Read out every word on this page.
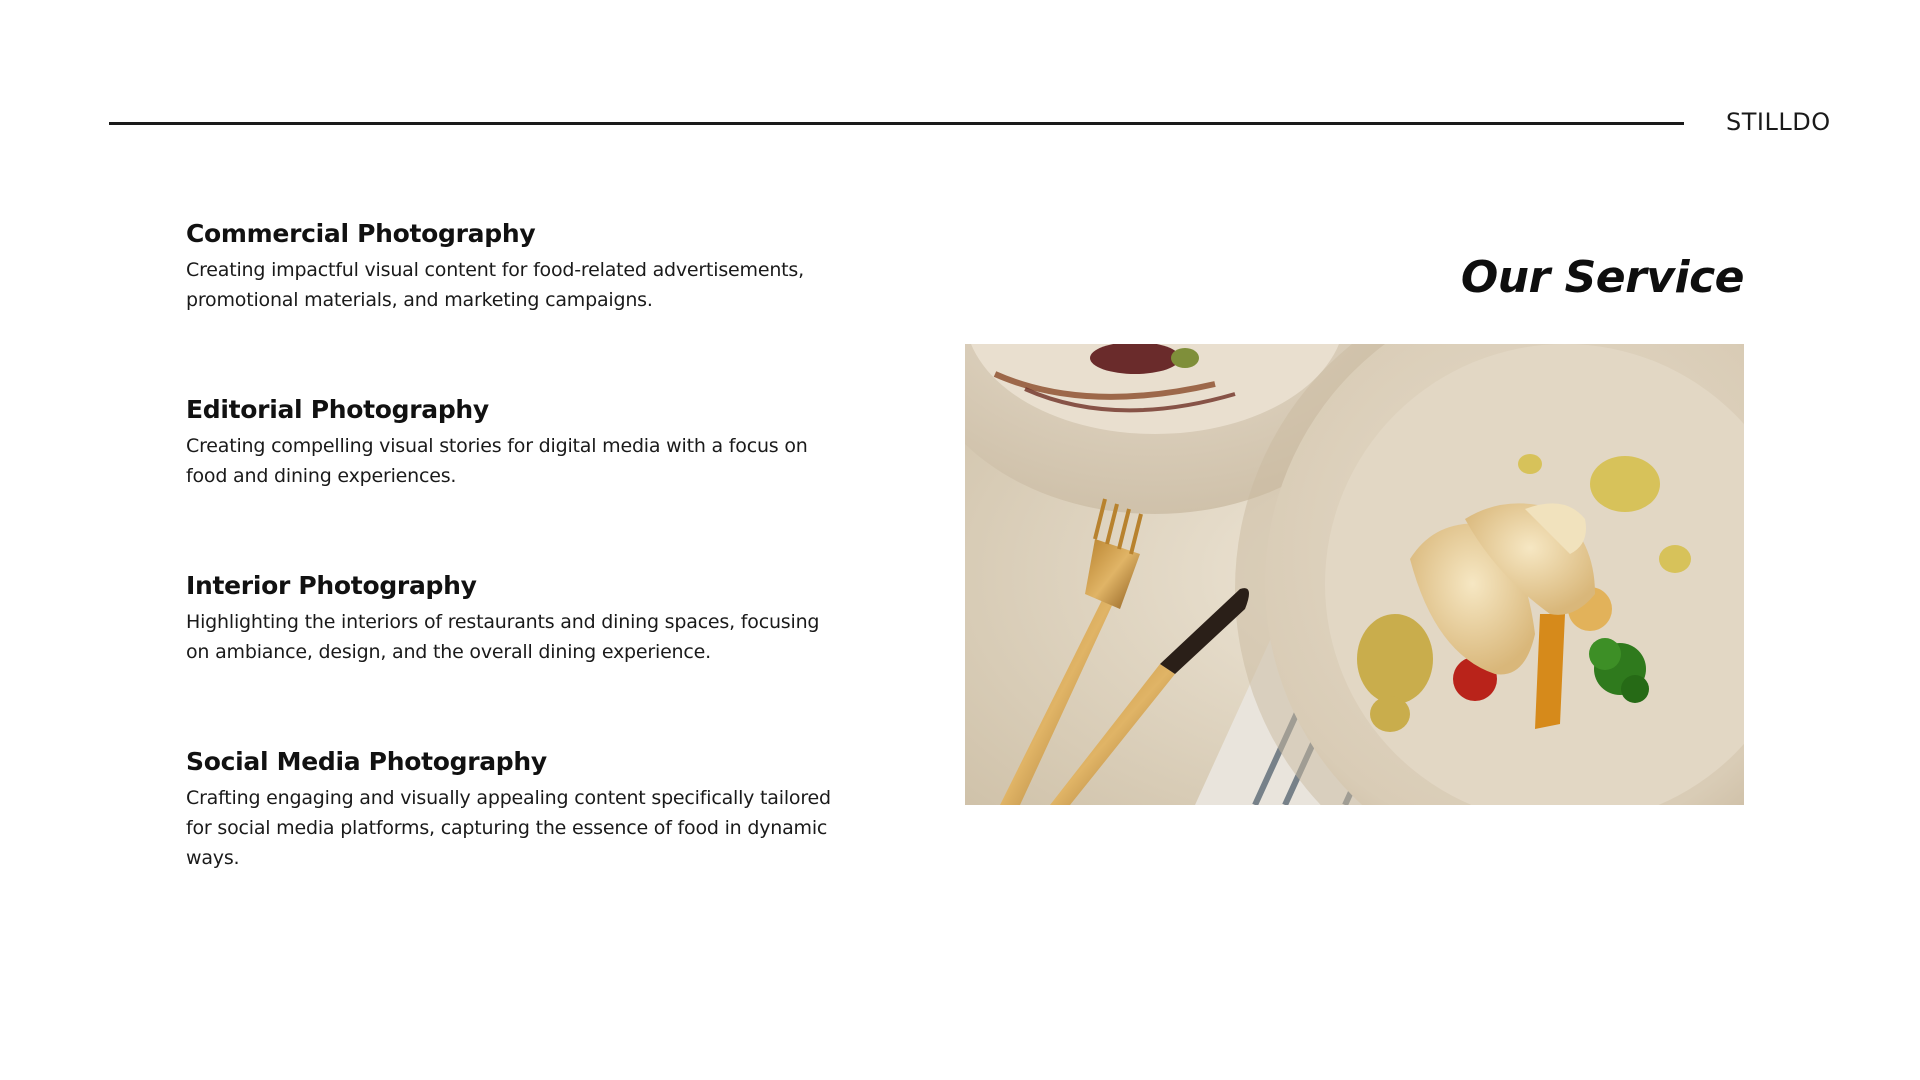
STILLDO
Commercial Photography

Creating impactful visual content for food-related advertisements, promotional materials, and marketing campaigns.

Editorial Photography

Creating compelling visual stories for digital media with a focus on food and dining experiences.

Interior Photography

Highlighting the interiors of restaurants and dining spaces, focusing on ambiance, design, and the overall dining experience.

Social Media Photography

Crafting engaging and visually appealing content specifically tailored for social media platforms, capturing the essence of food in dynamic ways.

Our Service
